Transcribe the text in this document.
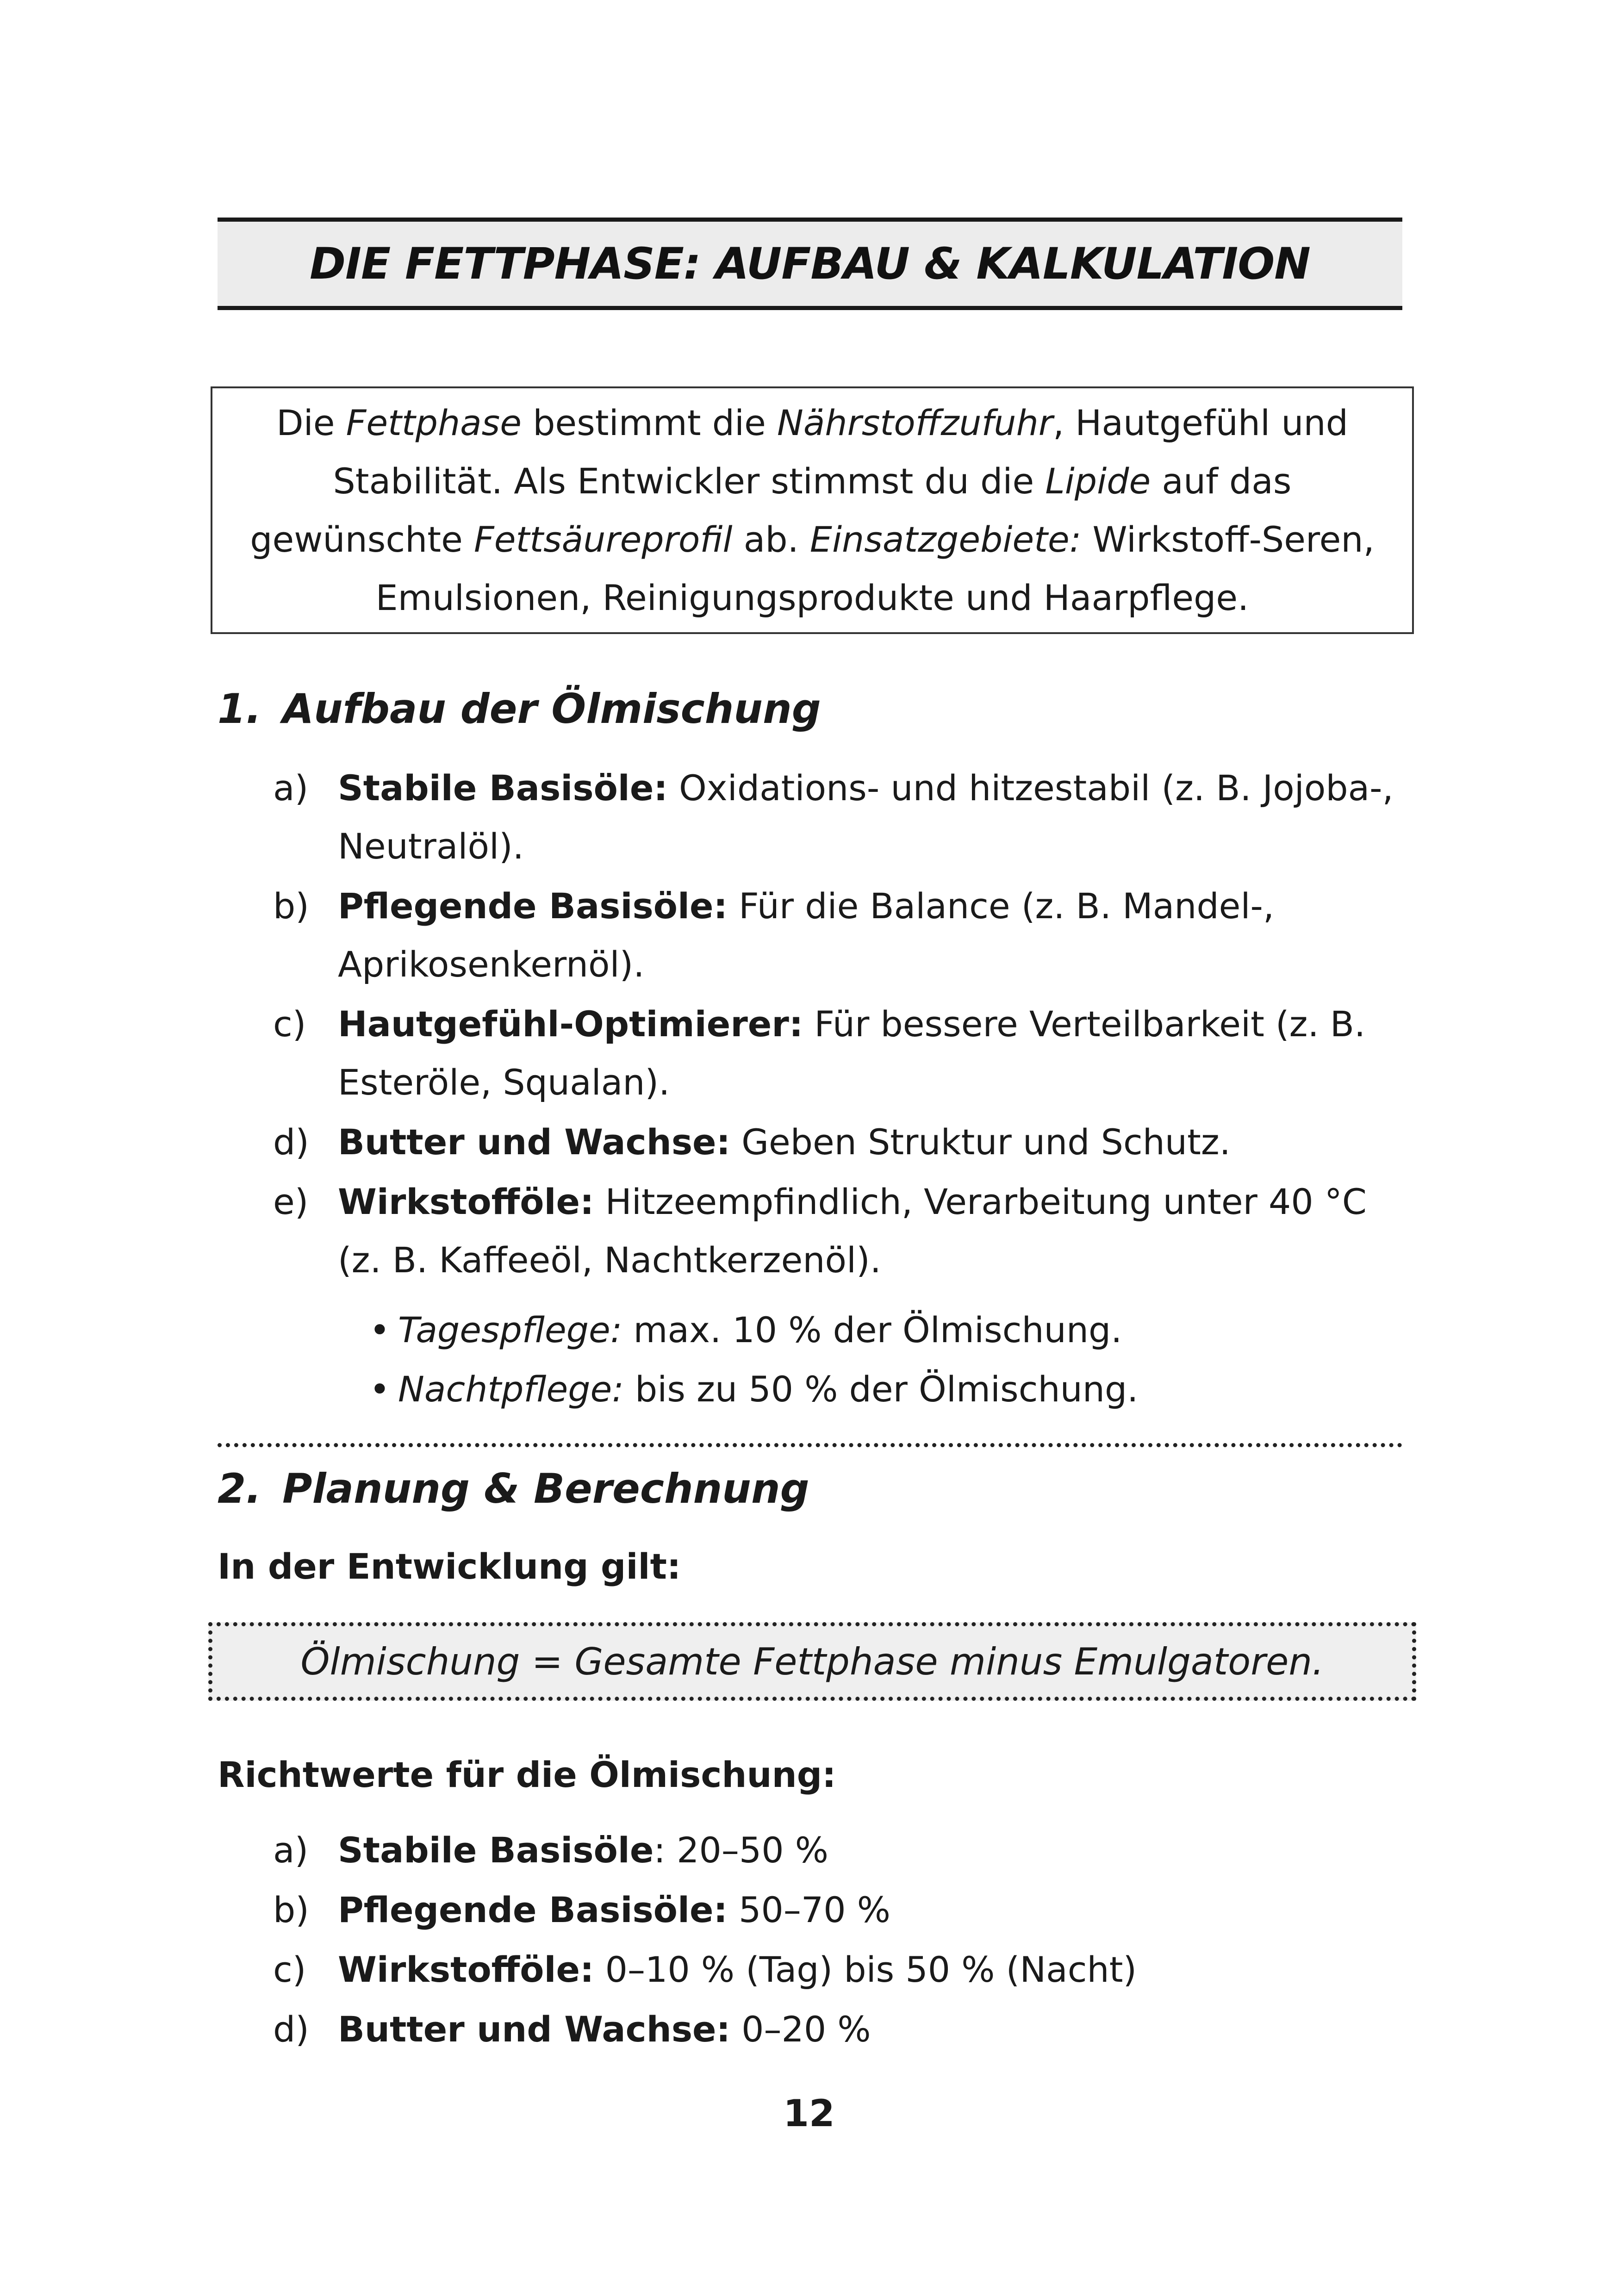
DIE FETTPHASE: AUFBAU & KALKULATION

Die Fettphase bestimmt die Nährstoffzufuhr, Hautgefühl und Stabilität. Als Entwickler stimmst du die Lipide auf das gewünschte Fettsäureprofil ab. Einsatzgebiete: Wirkstoff-Seren, Emulsionen, Reinigungsprodukte und Haarpflege.

1. Aufbau der Ölmischung
a) Stabile Basisöle: Oxidations- und hitzestabil (z. B. Jojoba-, Neutralöl).
b) Pflegende Basisöle: Für die Balance (z. B. Mandel-, Aprikosenkernöl).
c) Hautgefühl-Optimierer: Für bessere Verteilbarkeit (z. B. Esteröle, Squalan).
d) Butter und Wachse: Geben Struktur und Schutz.
e) Wirkstofföle: Hitzeempfindlich, Verarbeitung unter 40 °C (z. B. Kaffeeöl, Nachtkerzenöl).
• Tagespflege: max. 10 % der Ölmischung.
• Nachtpflege: bis zu 50 % der Ölmischung.
2. Planung & Berechnung

In der Entwicklung gilt:

Ölmischung = Gesamte Fettphase minus Emulgatoren.

Richtwerte für die Ölmischung:

a) Stabile Basisöle: 20–50 %
b) Pflegende Basisöle: 50–70 %
c) Wirkstofföle: 0–10 % (Tag) bis 50 % (Nacht)
d) Butter und Wachse: 0–20 %

12
